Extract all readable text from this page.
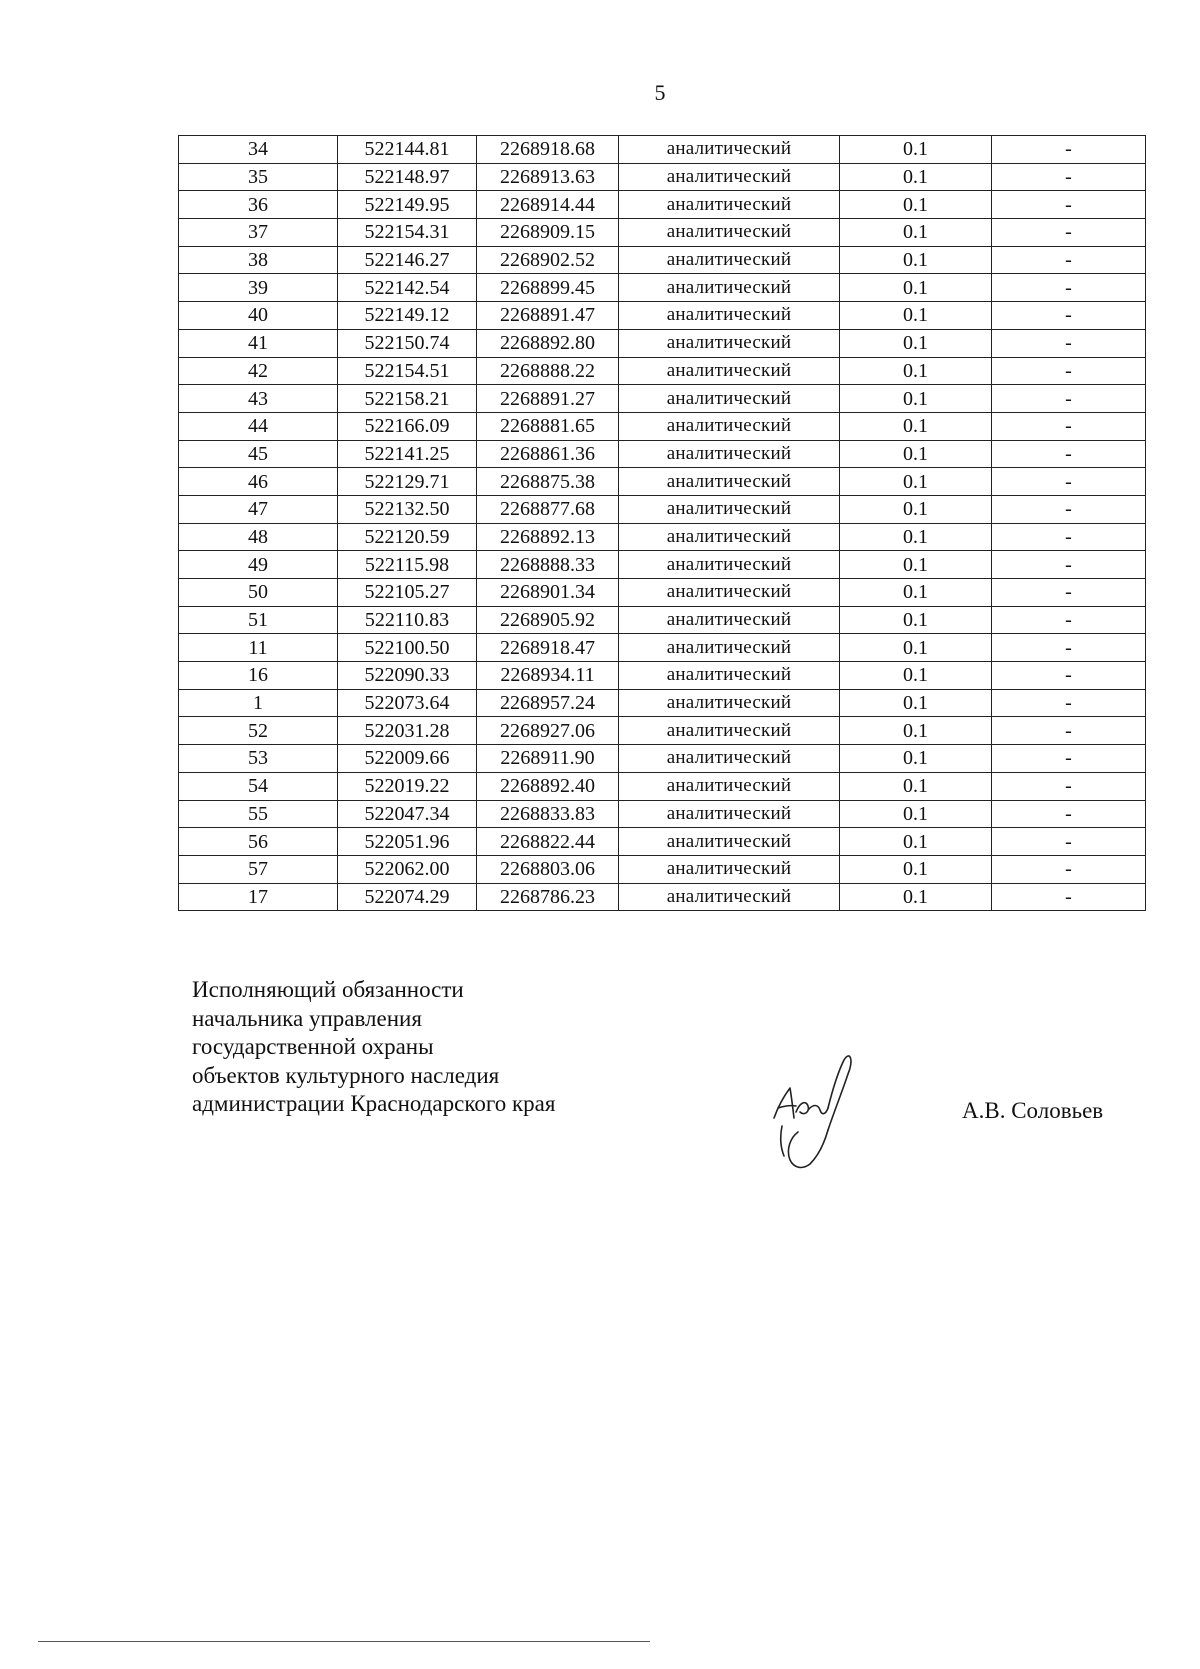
5
34	522144.81	2268918.68	аналитический	0.1	-
35	522148.97	2268913.63	аналитический	0.1	-
36	522149.95	2268914.44	аналитический	0.1	-
37	522154.31	2268909.15	аналитический	0.1	-
38	522146.27	2268902.52	аналитический	0.1	-
39	522142.54	2268899.45	аналитический	0.1	-
40	522149.12	2268891.47	аналитический	0.1	-
41	522150.74	2268892.80	аналитический	0.1	-
42	522154.51	2268888.22	аналитический	0.1	-
43	522158.21	2268891.27	аналитический	0.1	-
44	522166.09	2268881.65	аналитический	0.1	-
45	522141.25	2268861.36	аналитический	0.1	-
46	522129.71	2268875.38	аналитический	0.1	-
47	522132.50	2268877.68	аналитический	0.1	-
48	522120.59	2268892.13	аналитический	0.1	-
49	522115.98	2268888.33	аналитический	0.1	-
50	522105.27	2268901.34	аналитический	0.1	-
51	522110.83	2268905.92	аналитический	0.1	-
11	522100.50	2268918.47	аналитический	0.1	-
16	522090.33	2268934.11	аналитический	0.1	-
1	522073.64	2268957.24	аналитический	0.1	-
52	522031.28	2268927.06	аналитический	0.1	-
53	522009.66	2268911.90	аналитический	0.1	-
54	522019.22	2268892.40	аналитический	0.1	-
55	522047.34	2268833.83	аналитический	0.1	-
56	522051.96	2268822.44	аналитический	0.1	-
57	522062.00	2268803.06	аналитический	0.1	-
17	522074.29	2268786.23	аналитический	0.1	-
Исполняющий обязанности
начальника управления
государственной охраны
объектов культурного наследия
администрации Краснодарского края	А.В. Соловьев
